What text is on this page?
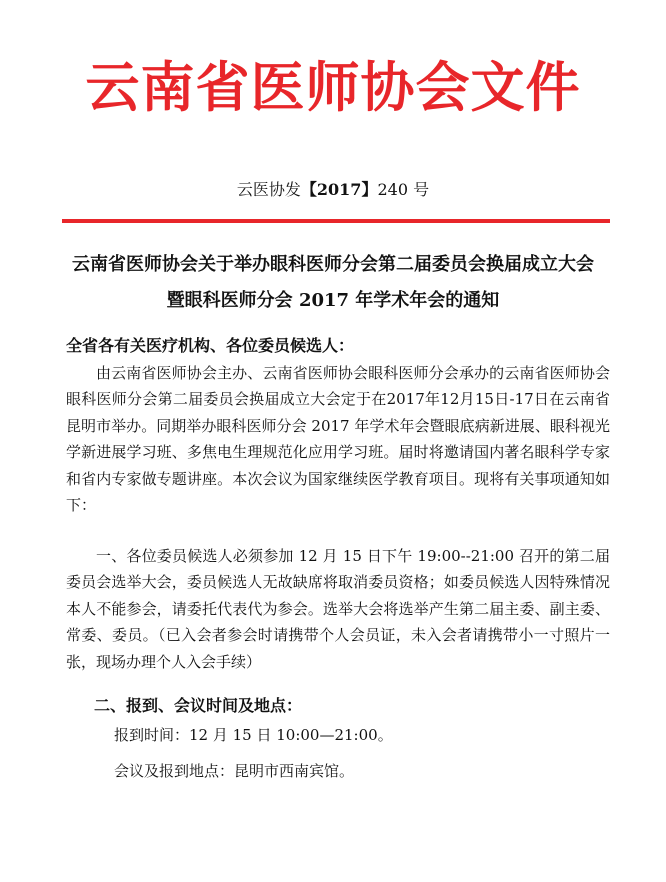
云南省医师协会文件
云医协发【2017】240 号
云南省医师协会关于举办眼科医师分会第二届委员会换届成立大会
暨眼科医师分会 2017 年学术年会的通知
全省各有关医疗机构、各位委员候选人：
由云南省医师协会主办、云南省医师协会眼科医师分会承办的云南省医师协会眼科医师分会第二届委员会换届成立大会定于在2017年12月15日-17日在云南省昆明市举办。同期举办眼科医师分会 2017 年学术年会暨眼底病新进展、眼科视光学新进展学习班、多焦电生理规范化应用学习班。届时将邀请国内著名眼科学专家和省内专家做专题讲座。本次会议为国家继续医学教育项目。现将有关事项通知如下：
一、各位委员候选人必须参加 12 月 15 日下午 19:00--21:00 召开的第二届委员会选举大会，委员候选人无故缺席将取消委员资格；如委员候选人因特殊情况本人不能参会，请委托代表代为参会。选举大会将选举产生第二届主委、副主委、常委、委员。（已入会者参会时请携带个人会员证，未入会者请携带小一寸照片一张，现场办理个人入会手续）
二、报到、会议时间及地点：
报到时间：12 月 15 日 10:00—21:00。
会议及报到地点：昆明市西南宾馆。
